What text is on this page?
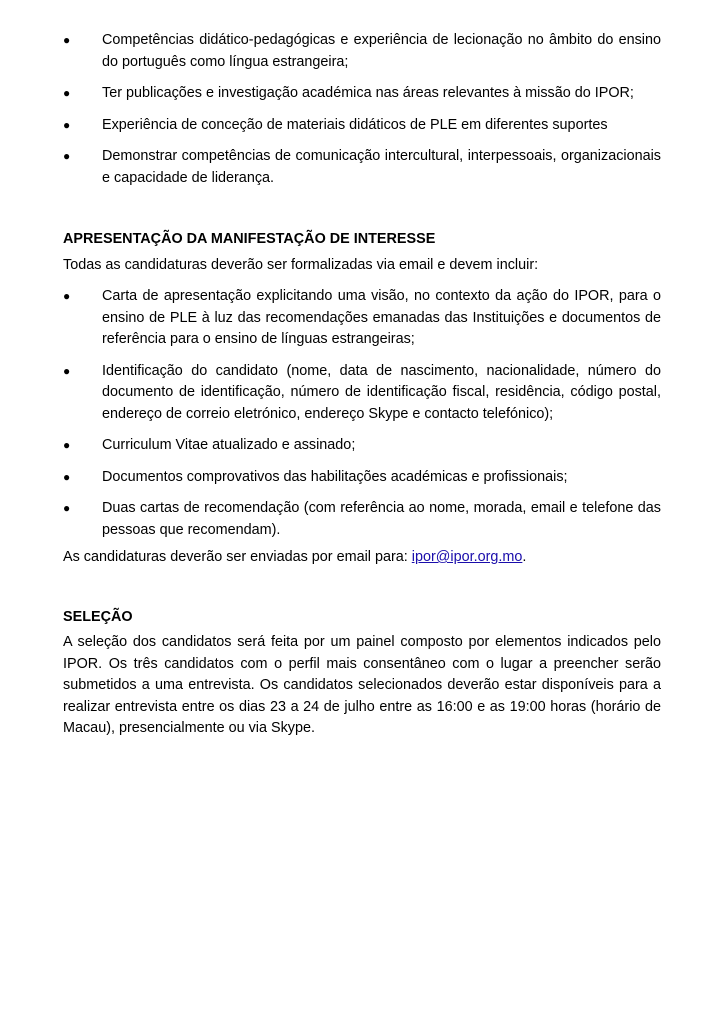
●	Competências didático-pedagógicas e experiência de lecionação no âmbito do ensino do português como língua estrangeira;
●	Ter publicações e investigação académica nas áreas relevantes à missão do IPOR;
●	Experiência de conceção de materiais didáticos de PLE em diferentes suportes
●	Demonstrar competências de comunicação intercultural, interpessoais, organizacionais e capacidade de liderança.

APRESENTAÇÃO DA MANIFESTAÇÃO DE INTERESSE

Todas as candidaturas deverão ser formalizadas via email e devem incluir:

●	Carta de apresentação explicitando uma visão, no contexto da ação do IPOR, para o ensino de PLE à luz das recomendações emanadas das Instituições e documentos de referência para o ensino de línguas estrangeiras;
●	Identificação do candidato (nome, data de nascimento, nacionalidade, número do documento de identificação, número de identificação fiscal, residência, código postal, endereço de correio eletrónico, endereço Skype e contacto telefónico);
●	Curriculum Vitae atualizado e assinado;
●	Documentos comprovativos das habilitações académicas e profissionais;
●	Duas cartas de recomendação (com referência ao nome, morada, email e telefone das pessoas que recomendam).

As candidaturas deverão ser enviadas por email para: ipor@ipor.org.mo.

SELEÇÃO

A seleção dos candidatos será feita por um painel composto por elementos indicados pelo IPOR. Os três candidatos com o perfil mais consentâneo com o lugar a preencher serão submetidos a uma entrevista. Os candidatos selecionados deverão estar disponíveis para a realizar entrevista entre os dias 23 a 24 de julho entre as 16:00 e as 19:00 horas (horário de Macau), presencialmente ou via Skype.
